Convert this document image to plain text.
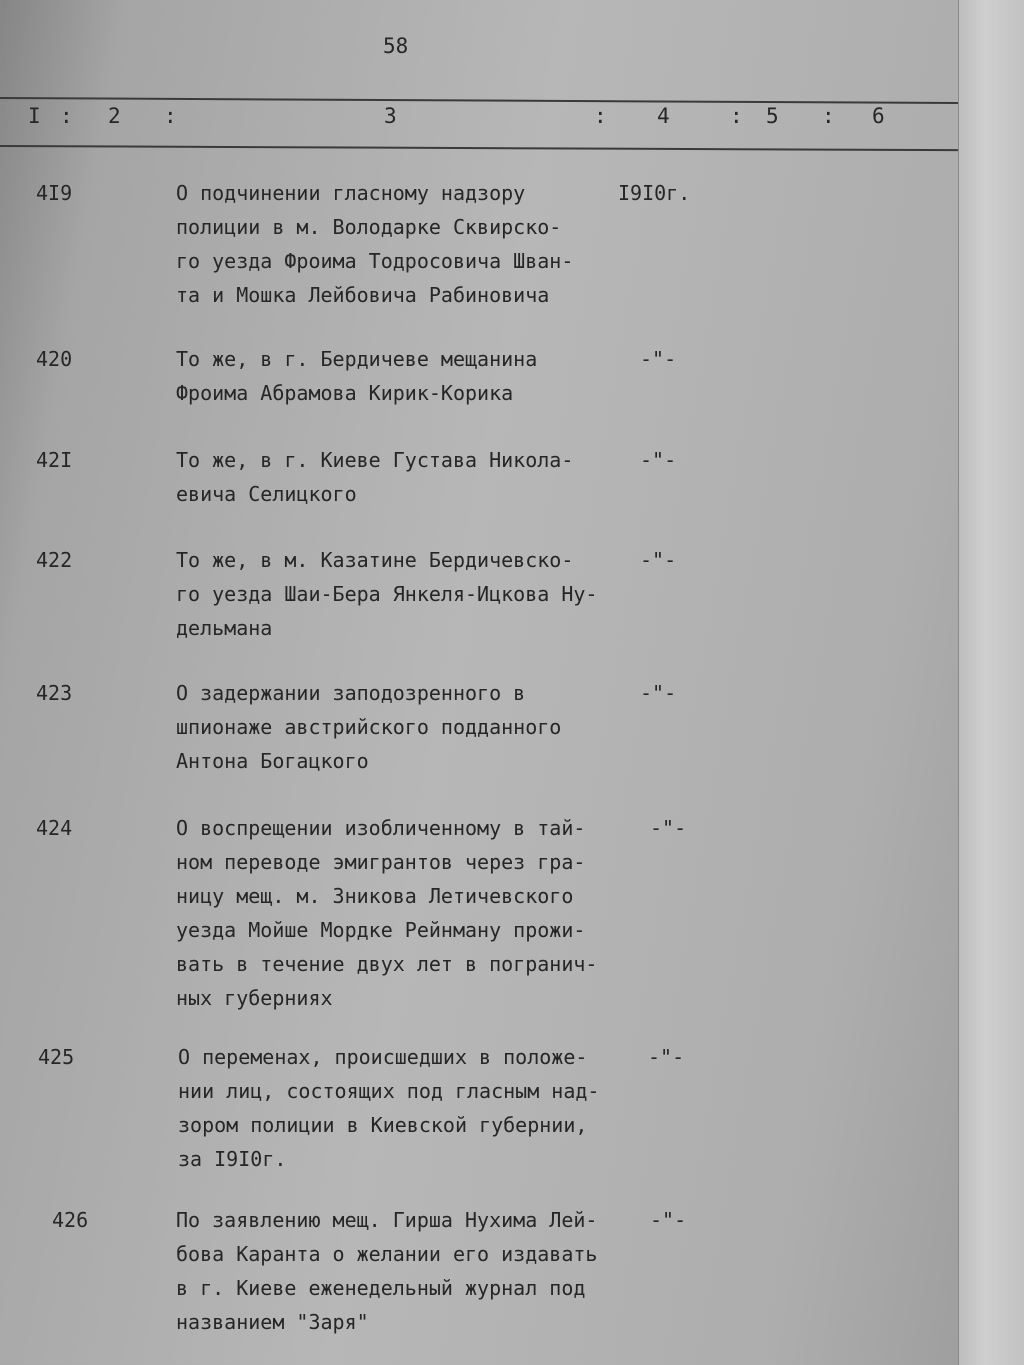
58
I : 2 :	3	: 4	: 5 : 6
4I9	О подчинении гласному надзору
полиции в м. Володарке Сквирско-
го уезда Фроима Тодросовича Шван-
та и Мошка Лейбовича Рабиновича
I9I0г.
420	То же, в г. Бердичеве мещанина
Фроима Абрамова Кирик-Корика
-"-
42I	То же, в г. Киеве Густава Никола-
евича Селицкого
-"-
422	То же, в м. Казатине Бердичевско-
го уезда Шаи-Бера Янкеля-Ицкова Ну-
дельмана
-"-
423	О задержании заподозренного в
шпионаже австрийского подданного
Антона Богацкого
-"-
424	О воспрещении изобличенному в тай-
ном переводе эмигрантов через гра-
ницу мещ. м. Зникова Летичевского
уезда Мойше Мордке Рейнману прожи-
вать в течение двух лет в погранич-
ных губерниях
-"-
425	О переменах, происшедших в положе-
нии лиц, состоящих под гласным над-
зором полиции в Киевской губернии,
за I9I0г.
-"-
426	По заявлению мещ. Гирша Нухима Лей-
бова Каранта о желании его издавать
в г. Киеве еженедельный журнал под
названием "Заря"
-"-
